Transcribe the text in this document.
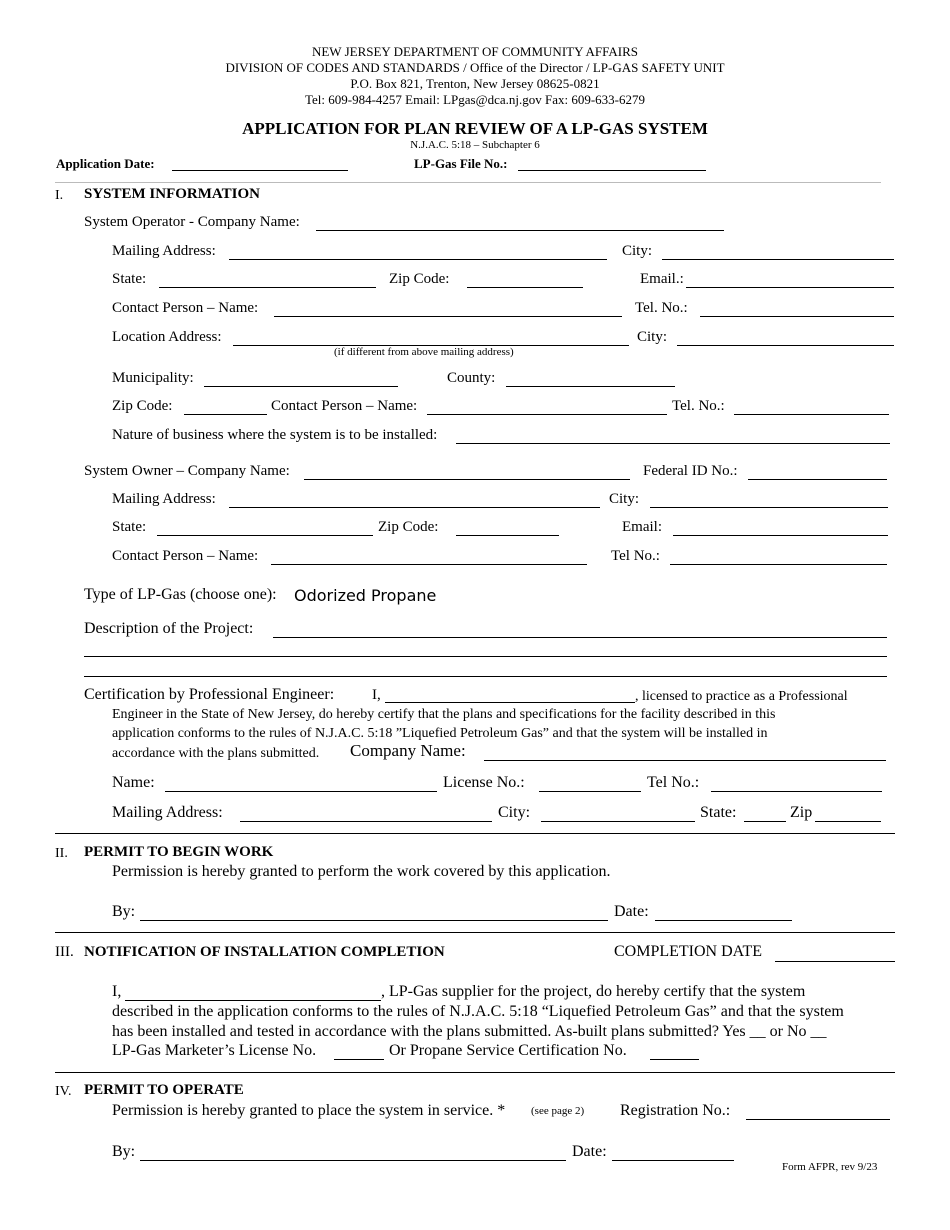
NEW JERSEY DEPARTMENT OF COMMUNITY AFFAIRS
DIVISION OF CODES AND STANDARDS / Office of the Director / LP-GAS SAFETY UNIT
P.O. Box 821, Trenton, New Jersey 08625-0821
Tel: 609-984-4257 Email: LPgas@dca.nj.gov Fax: 609-633-6279
APPLICATION FOR PLAN REVIEW OF A LP-GAS SYSTEM
N.J.A.C. 5:18 – Subchapter 6
Application Date:	LP-Gas File No.:
I. SYSTEM INFORMATION
System Operator - Company Name:
Mailing Address:	City:
State:	Zip Code:	Email.:
Contact Person – Name:	Tel. No.:
Location Address:	City:
(if different from above mailing address)
Municipality:	County:
Zip Code:	Contact Person – Name:	Tel. No.:
Nature of business where the system is to be installed:
System Owner – Company Name:	Federal ID No.:
Mailing Address:	City:
State:	Zip Code:	Email:
Contact Person – Name:	Tel No.:
Type of LP-Gas (choose one): Odorized Propane
Description of the Project:
Certification by Professional Engineer:	I,	, licensed to practice as a Professional
Engineer in the State of New Jersey, do hereby certify that the plans and specifications for the facility described in this
application conforms to the rules of N.J.A.C. 5:18 ”Liquefied Petroleum Gas” and that the system will be installed in
accordance with the plans submitted. Company Name:
Name:	License No.:	Tel No.:
Mailing Address:	City:	State:	Zip
II. PERMIT TO BEGIN WORK
Permission is hereby granted to perform the work covered by this application.
By:	Date:
III. NOTIFICATION OF INSTALLATION COMPLETION	COMPLETION DATE
I,	, LP-Gas supplier for the project, do hereby certify that the system
described in the application conforms to the rules of N.J.A.C. 5:18 “Liquefied Petroleum Gas” and that the system
has been installed and tested in accordance with the plans submitted. As-built plans submitted? Yes __ or No __
LP-Gas Marketer’s License No.	Or Propane Service Certification No.
IV. PERMIT TO OPERATE
Permission is hereby granted to place the system in service. * (see page 2) Registration No.:
By:	Date:
Form AFPR, rev 9/23
